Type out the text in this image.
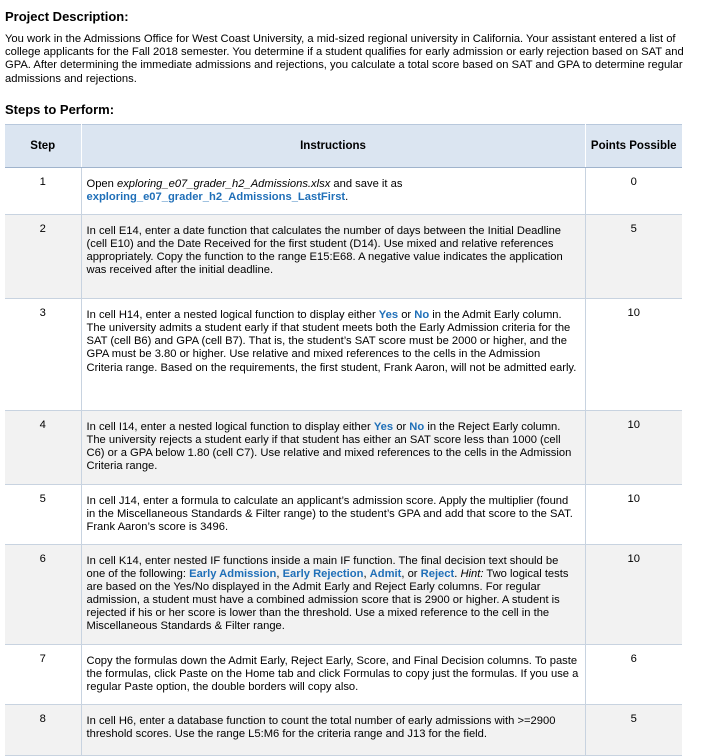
Project Description:
You work in the Admissions Office for West Coast University, a mid-sized regional university in California. Your assistant entered a list of college applicants for the Fall 2018 semester. You determine if a student qualifies for early admission or early rejection based on SAT and GPA. After determining the immediate admissions and rejections, you calculate a total score based on SAT and GPA to determine regular admissions and rejections.
Steps to Perform:
Step	Instructions	Points Possible
1	Open exploring_e07_grader_h2_Admissions.xlsx and save it as exploring_e07_grader_h2_Admissions_LastFirst.	0
2	In cell E14, enter a date function that calculates the number of days between the Initial Deadline (cell E10) and the Date Received for the first student (D14). Use mixed and relative references appropriately. Copy the function to the range E15:E68. A negative value indicates the application was received after the initial deadline.	5
3	In cell H14, enter a nested logical function to display either Yes or No in the Admit Early column. The university admits a student early if that student meets both the Early Admission criteria for the SAT (cell B6) and GPA (cell B7). That is, the student’s SAT score must be 2000 or higher, and the GPA must be 3.80 or higher. Use relative and mixed references to the cells in the Admission Criteria range. Based on the requirements, the first student, Frank Aaron, will not be admitted early.	10
4	In cell I14, enter a nested logical function to display either Yes or No in the Reject Early column. The university rejects a student early if that student has either an SAT score less than 1000 (cell C6) or a GPA below 1.80 (cell C7). Use relative and mixed references to the cells in the Admission Criteria range.	10
5	In cell J14, enter a formula to calculate an applicant’s admission score. Apply the multiplier (found in the Miscellaneous Standards & Filter range) to the student’s GPA and add that score to the SAT. Frank Aaron’s score is 3496.	10
6	In cell K14, enter nested IF functions inside a main IF function. The final decision text should be one of the following: Early Admission, Early Rejection, Admit, or Reject. Hint: Two logical tests are based on the Yes/No displayed in the Admit Early and Reject Early columns. For regular admission, a student must have a combined admission score that is 2900 or higher. A student is rejected if his or her score is lower than the threshold. Use a mixed reference to the cell in the Miscellaneous Standards & Filter range.	10
7	Copy the formulas down the Admit Early, Reject Early, Score, and Final Decision columns. To paste the formulas, click Paste on the Home tab and click Formulas to copy just the formulas. If you use a regular Paste option, the double borders will copy also.	6
8	In cell H6, enter a database function to count the total number of early admissions with >=2900 threshold scores. Use the range L5:M6 for the criteria range and J13 for the field.	5
